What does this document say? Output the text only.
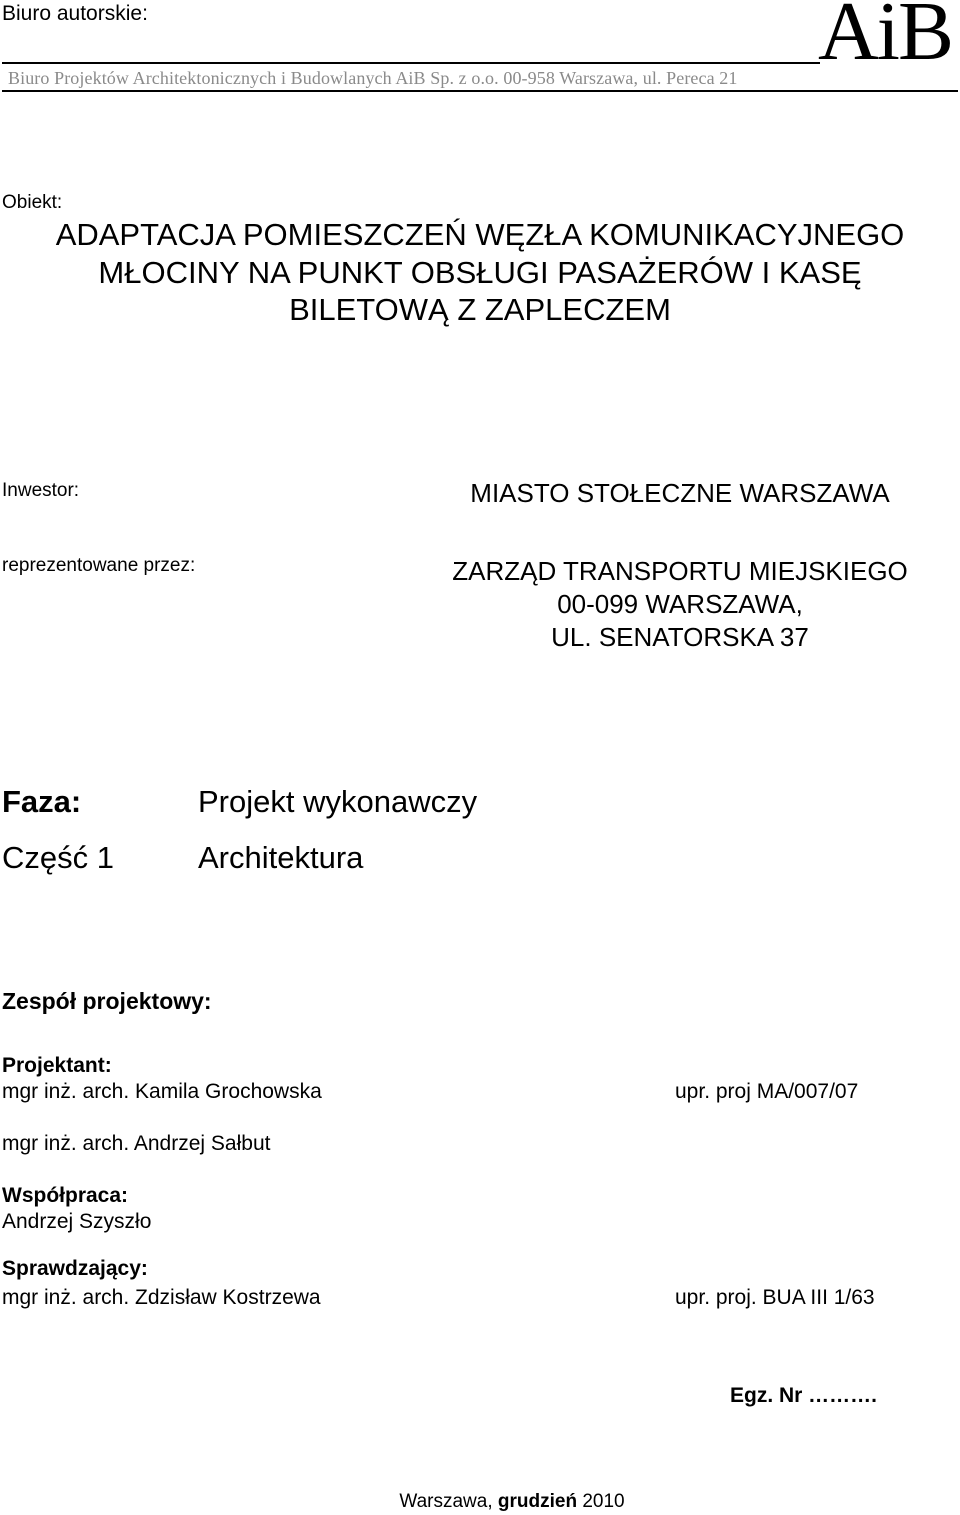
Biuro autorskie:	AiB
Biuro Projektów Architektonicznych i Budowlanych AiB Sp. z o.o. 00-958 Warszawa, ul. Pereca 21
Obiekt:
ADAPTACJA POMIESZCZEŃ WĘZŁA KOMUNIKACYJNEGO
MŁOCINY NA PUNKT OBSŁUGI PASAŻERÓW I KASĘ
BILETOWĄ Z ZAPLECZEM
Inwestor:	MIASTO STOŁECZNE WARSZAWA
reprezentowane przez:	ZARZĄD TRANSPORTU MIEJSKIEGO
00-099 WARSZAWA,
UL. SENATORSKA 37
Faza:	Projekt wykonawczy
Część 1	Architektura
Zespół projektowy:
Projektant:
mgr inż. arch. Kamila Grochowska	upr. proj MA/007/07
mgr inż. arch. Andrzej Sałbut
Współpraca:
Andrzej Szyszło
Sprawdzający:
mgr inż. arch. Zdzisław Kostrzewa	upr. proj. BUA III 1/63
Egz. Nr ……….
Warszawa, grudzień 2010
